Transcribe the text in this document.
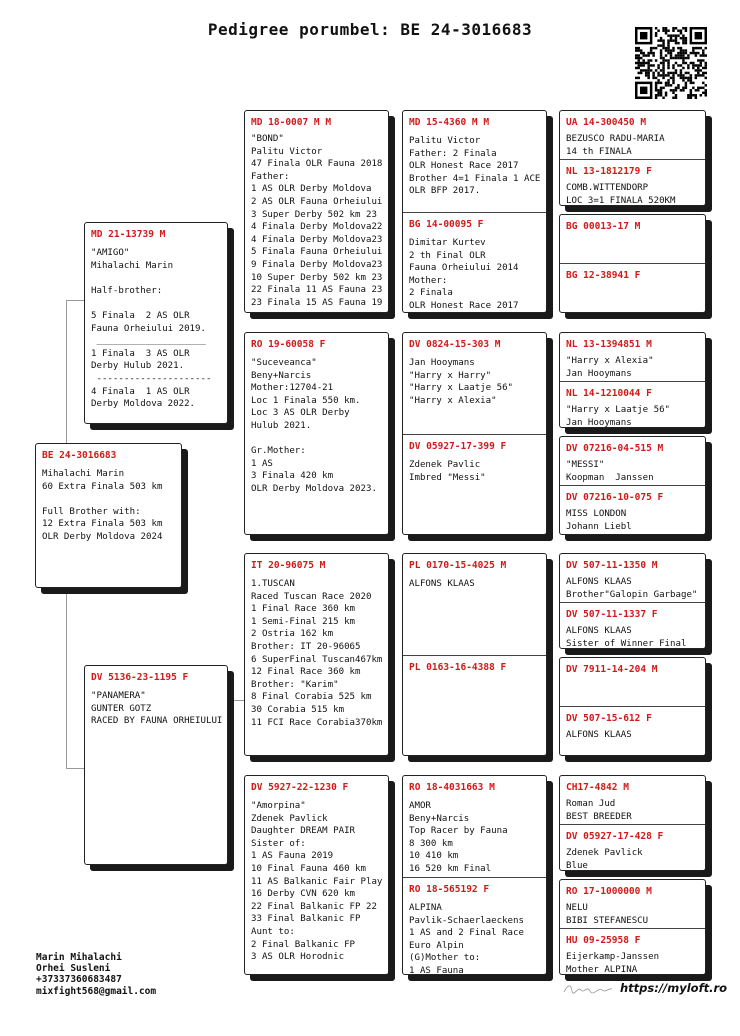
Pedigree porumbel: BE 24-3016683
BE 24-3016683
Mihalachi Marin
60 Extra Finala 503 km

Full Brother with:
12 Extra Finala 503 km
OLR Derby Moldova 2024
MD 21-13739 M
"AMIGO"
Mihalachi Marin

Half-brother:

5 Finala  2 AS OLR
Fauna Orheiului 2019.
____________________
1 Finala  3 AS OLR
Derby Hulub 2021.
---------------------
4 Finala  1 AS OLR
Derby Moldova 2022.
DV 5136-23-1195 F
"PANAMERA"
GUNTER GOTZ
RACED BY FAUNA ORHEIULUI
MD 18-0007 M M
"BOND"
Palitu Victor
47 Finala OLR Fauna 2018
Father:
1 AS OLR Derby Moldova
2 AS OLR Fauna Orheiului
3 Super Derby 502 km 23
4 Finala Derby Moldova22
4 Finala Derby Moldova23
5 Finala Fauna Orheiului
9 Finala Derby Moldova23
10 Super Derby 502 km 23
22 Finala 11 AS Fauna 23
23 Finala 15 AS Fauna 19
RO 19-60058 F
"Suceveanca"
Beny+Narcis
Mother:12704-21
Loc 1 Finala 550 km.
Loc 3 AS OLR Derby
Hulub 2021.

Gr.Mother:
1 AS
3 Finala 420 km
OLR Derby Moldova 2023.
IT 20-96075 M
1.TUSCAN
Raced Tuscan Race 2020
1 Final Race 360 km
1 Semi-Final 215 km
2 Ostria 162 km
Brother: IT 20-96065
6 SuperFinal Tuscan467km
12 Final Race 360 km
Brother: "Karim"
8 Final Corabia 525 km
30 Corabia 515 km
11 FCI Race Corabia370km
DV 5927-22-1230 F
"Amorpina"
Zdenek Pavlick
Daughter DREAM PAIR
Sister of:
1 AS Fauna 2019
10 Final Fauna 460 km
11 AS Balkanic Fair Play
16 Derby CVN 620 km
22 Final Balkanic FP 22
33 Final Balkanic FP
Aunt to:
2 Final Balkanic FP
3 AS OLR Horodnic
MD 15-4360 M M
Palitu Victor
Father: 2 Finala
OLR Honest Race 2017
Brother 4=1 Finala 1 ACE
OLR BFP 2017.
BG 14-00095 F
Dimitar Kurtev
2 th Final OLR
Fauna Orheiului 2014
Mother:
2 Finala
OLR Honest Race 2017
DV 0824-15-303 M
Jan Hooymans
"Harry x Harry"
"Harry x Laatje 56"
"Harry x Alexia"
DV 05927-17-399 F
Zdenek Pavlic
Imbred "Messi"
PL 0170-15-4025 M
ALFONS KLAAS
PL 0163-16-4388 F
RO 18-4031663 M
AMOR
Beny+Narcis
Top Racer by Fauna
8 300 km
10 410 km
16 520 km Final
RO 18-565192 F
ALPINA
Pavlik-Schaerlaeckens
1 AS and 2 Final Race
Euro Alpin
(G)Mother to:
1 AS Fauna
UA 14-300450 M
BEZUSCO RADU-MARIA
14 th FINALA
NL 13-1812179 F
COMB.WITTENDORP
LOC 3=1 FINALA 520KM
BG 00013-17 M
BG 12-38941 F
NL 13-1394851 M
"Harry x Alexia"
Jan Hooymans
NL 14-1210044 F
"Harry x Laatje 56"
Jan Hooymans
DV 07216-04-515 M
"MESSI"
Koopman  Janssen
DV 07216-10-075 F
MISS LONDON
Johann Liebl
DV 507-11-1350 M
ALFONS KLAAS
Brother"Galopin Garbage"
DV 507-11-1337 F
ALFONS KLAAS
Sister of Winner Final
DV 7911-14-204 M
DV 507-15-612 F
ALFONS KLAAS
CH17-4842 M
Roman Jud
BEST BREEDER
DV 05927-17-428 F
Zdenek Pavlick
Blue
RO 17-1000000 M
NELU
BIBI STEFANESCU
HU 09-25958 F
Eijerkamp-Janssen
Mother ALPINA
Marin Mihalachi
Orhei Susleni
+37337360683487
mixfight568@gmail.com	https://myloft.ro
